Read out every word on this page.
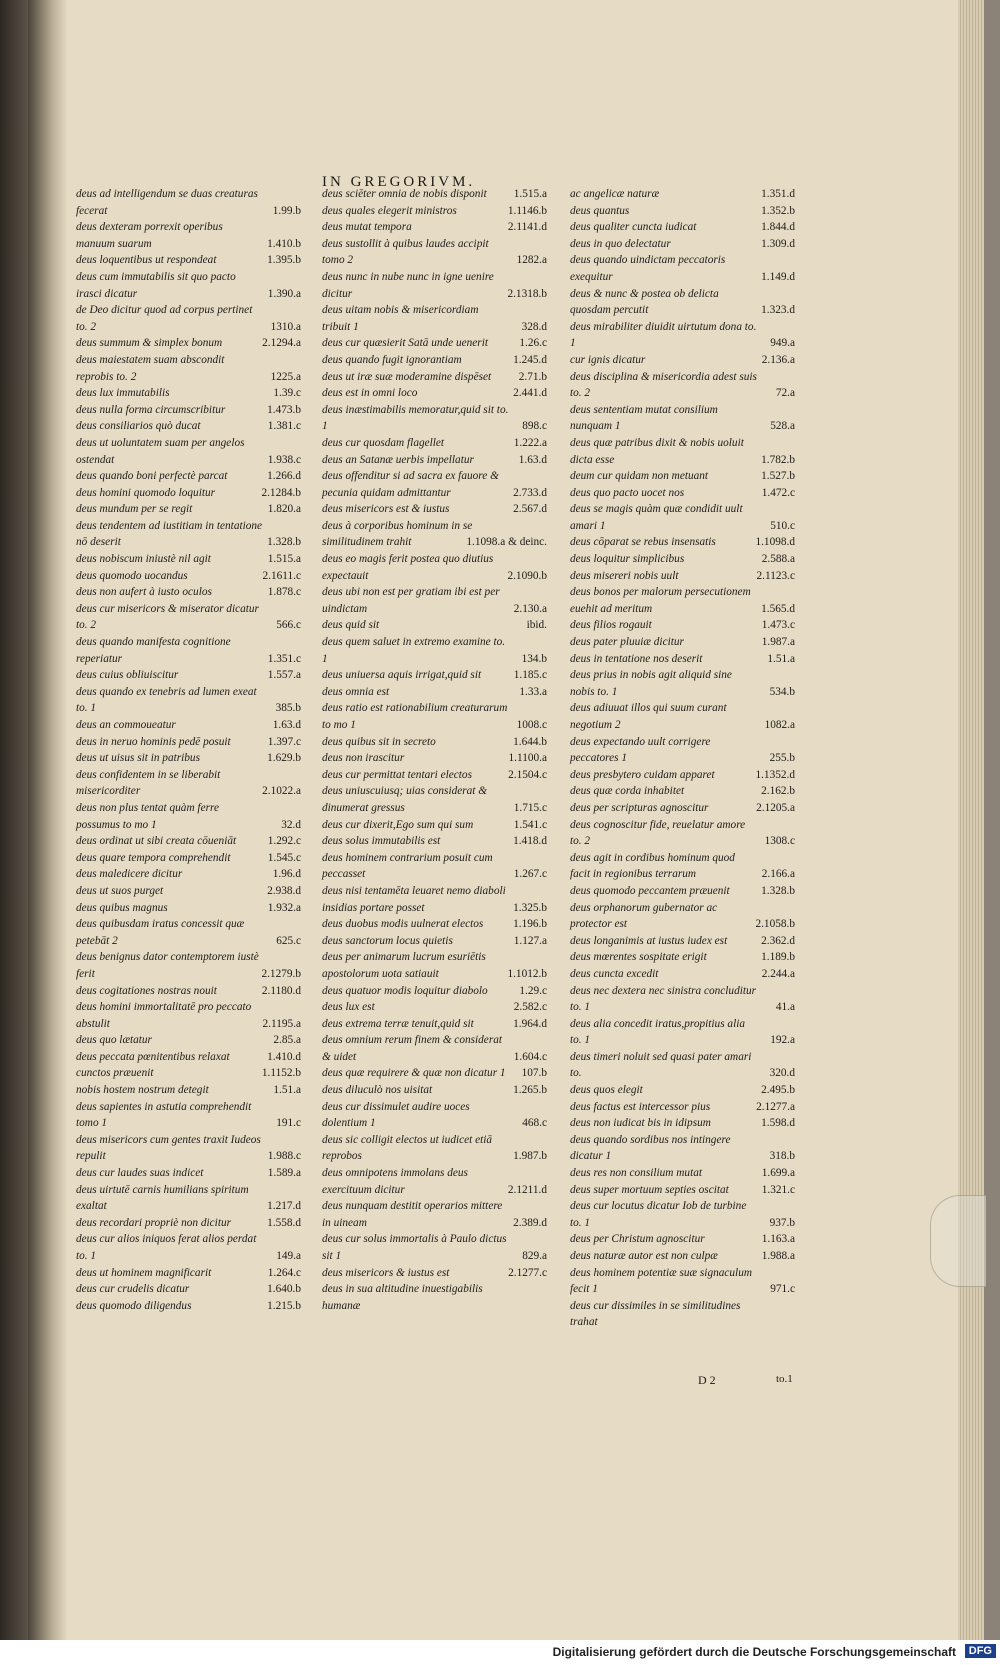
IN GREGORIVM.
deus ad intelligendum se duas creaturas fecerat	1.99.b
deus dexteram porrexit operibus manuum suarum	1.410.b
deus loquentibus ut respondeat	1.395.b
deus cum immutabilis sit quo pacto irasci dicatur	1.390.a
de Deo dicitur quod ad corpus pertinet to. 2	1310.a
deus summum & simplex bonum	2.1294.a
deus maiestatem suam abscondit reprobis to. 2	1225.a
deus lux immutabilis	1.39.c
deus nulla forma circumscribitur	1.473.b
deus consiliarios quò ducat	1.381.c
deus ut uoluntatem suam per angelos ostendat	1.938.c
deus quando boni perfectè parcat	1.266.d
deus homini quomodo loquitur	2.1284.b
deus mundum per se regit	1.820.a
deus tendentem ad iustitiam in tentatione nō deserit	1.328.b
deus nobiscum iniustè nil agit	1.515.a
deus quomodo uocandus	2.1611.c
deus non aufert à iusto oculos	1.878.c
deus cur misericors & miserator dicatur to. 2	566.c
deus quando manifesta cognitione reperiatur	1.351.c
deus cuius obliuiscitur	1.557.a
deus quando ex tenebris ad lumen exeat to. 1	385.b
deus an commoueatur	1.63.d
deus in neruo hominis pedē posuit	1.397.c
deus ut uisus sit in patribus	1.629.b
deus confidentem in se liberabit misericorditer	2.1022.a
deus non plus tentat quàm ferre possumus to mo 1	32.d
deus ordinat ut sibi creata cōueniāt	1.292.c
deus quare tempora comprehendit	1.545.c
deus maledicere dicitur	1.96.d
deus ut suos purget	2.938.d
deus quibus magnus	1.932.a
deus quibusdam iratus concessit quæ petebāt 2	625.c
deus benignus dator contemptorem iustè ferit	2.1279.b
deus cogitationes nostras nouit	2.1180.d
deus homini immortalitatē pro peccato abstulit	2.1195.a
deus quo lætatur	2.85.a
deus peccata pœnitentibus relaxat	1.410.d
cunctos præuenit	1.1152.b
nobis hostem nostrum detegit	1.51.a
deus sapientes in astutia comprehendit tomo 1	191.c
deus misericors cum gentes traxit Iudeos repulit	1.988.c
deus cur laudes suas indicet	1.589.a
deus uirtutē carnis humilians spiritum exaltat	1.217.d
deus recordari propriè non dicitur	1.558.d
deus cur alios iniquos ferat alios perdat to. 1	149.a
deus ut hominem magnificarit	1.264.c
deus cur crudelis dicatur	1.640.b
deus quomodo diligendus	1.215.b
deus sciēter omnia de nobis disponit 1.515.a
deus quales elegerit ministros	1.1146.b
deus mutat tempora	2.1141.d
deus sustollit à quibus laudes accipit tomo 2	1282.a
deus nunc in nube nunc in igne uenire dicitur	2.1318.b
deus uitam nobis & misericordiam tribuit 1	328.d
deus cur quæsierit Satā unde uenerit	1.26.c
deus quando fugit ignorantiam	1.245.d
deus ut iræ suæ moderamine dispēset 2.71.b
deus est in omni loco	2.441.d
deus inæstimabilis memoratur,quid sit to. 1	898.c
deus cur quosdam flagellet	1.222.a
deus an Satanæ uerbis impellatur	1.63.d
deus offenditur si ad sacra ex fauore & pecunia quidam admittantur	2.733.d
deus misericors est & iustus	2.567.d
deus à corporibus hominum in se similitudinem trahit	1.1098.a & deinc.
deus eo magis ferit postea quo diutius expectauit	2.1090.b
deus ubi non est per gratiam ibi est per uindictam	2.130.a
deus quid sit	ibid.
deus quem saluet in extremo examine to. 1	134.b
deus uniuersa aquis irrigat,quid sit	1.185.c
deus omnia est	1.33.a
deus ratio est rationabilium creaturarum to mo 1	1008.c
deus quibus sit in secreto	1.644.b
deus non irascitur	1.1100.a
deus cur permittat tentari electos	2.1504.c
deus uniuscuiusq; uias considerat & dinumerat gressus	1.715.c
deus cur dixerit,Ego sum qui sum	1.541.c
deus solus immutabilis est	1.418.d
deus hominem contrarium posuit cum peccasset	1.267.c
deus nisi tentamēta leuaret nemo diaboli insidias portare posset	1.325.b
deus duobus modis uulnerat electos	1.196.b
deus sanctorum locus quietis	1.127.a
deus per animarum lucrum esuriētis apostolorum uota satiauit	1.1012.b
deus quatuor modis loquitur diabolo	1.29.c
deus lux est	2.582.c
deus extrema terræ tenuit,quid sit	1.964.d
deus omnium rerum finem & considerat & uidet	1.604.c
deus quæ requirere & quæ non dicatur 1 107.b
deus diluculò nos uisitat	1.265.b
deus cur dissimulet audire uoces dolentium 1	468.c
deus sic colligit electos ut iudicet etiā reprobos	1.987.b
deus omnipotens immolans deus exercituum dicitur	2.1211.d
deus nunquam destitit operarios mittere in uineam	2.389.d
deus cur solus immortalis à Paulo dictus sit 1	829.a
deus misericors & iustus est	2.1277.c
deus in sua altitudine inuestigabilis humanæ
ac angelicæ naturæ	1.351.d
deus quantus	1.352.b
deus qualiter cuncta iudicat	1.844.d
deus in quo delectatur	1.309.d
deus quando uindictam peccatoris exequitur	1.149.d
deus & nunc & postea ob delicta quosdam percutit	1.323.d
deus mirabiliter diuidit uirtutum dona to. 1	949.a
cur ignis dicatur	2.136.a
deus disciplina & misericordia adest suis to. 2	72.a
deus sententiam mutat consilium nunquam 1	528.a
deus quæ patribus dixit & nobis uoluit dicta esse	1.782.b
deum cur quidam non metuant	1.527.b
deus quo pacto uocet nos	1.472.c
deus se magis quàm quæ condidit uult amari 1	510.c
deus cōparat se rebus insensatis	1.1098.d
deus loquitur simplicibus	2.588.a
deus misereri nobis uult	2.1123.c
deus bonos per malorum persecutionem euehit ad meritum	1.565.d
deus filios rogauit	1.473.c
deus pater pluuiæ dicitur	1.987.a
deus in tentatione nos deserit	1.51.a
deus prius in nobis agit aliquid sine nobis to. 1	534.b
deus adiuuat illos qui suum curant negotium 2	1082.a
deus expectando uult corrigere peccatores 1	255.b
deus presbytero cuidam apparet	1.1352.d
deus quæ corda inhabitet	2.162.b
deus per scripturas agnoscitur	2.1205.a
deus cognoscitur fide, reuelatur amore to. 2	1308.c
deus agit in cordibus hominum quod facit in regionibus terrarum	2.166.a
deus quomodo peccantem præuenit	1.328.b
deus orphanorum gubernator ac protector est	2.1058.b
deus longanimis at iustus iudex est	2.362.d
deus mœrentes sospitate erigit	1.189.b
deus cuncta excedit	2.244.a
deus nec dextera nec sinistra concluditur to. 1	41.a
deus alia concedit iratus,propitius alia to. 1	192.a
deus timeri noluit sed quasi pater amari to.	320.d
deus quos elegit	2.495.b
deus factus est intercessor pius	2.1277.a
deus non iudicat bis in idipsum	1.598.d
deus quando sordibus nos intingere dicatur 1	318.b
deus res non consilium mutat	1.699.a
deus super mortuum septies oscitat	1.321.c
deus cur locutus dicatur Iob de turbine to. 1	937.b
deus per Christum agnoscitur	1.163.a
deus naturæ autor est non culpæ	1.988.a
deus hominem potentiæ suæ signaculum fecit 1	971.c
deus cur dissimiles in se similitudines trahat
D 2	to.1
Digitalisierung gefördert durch die Deutsche Forschungsgemeinschaft	DFG
